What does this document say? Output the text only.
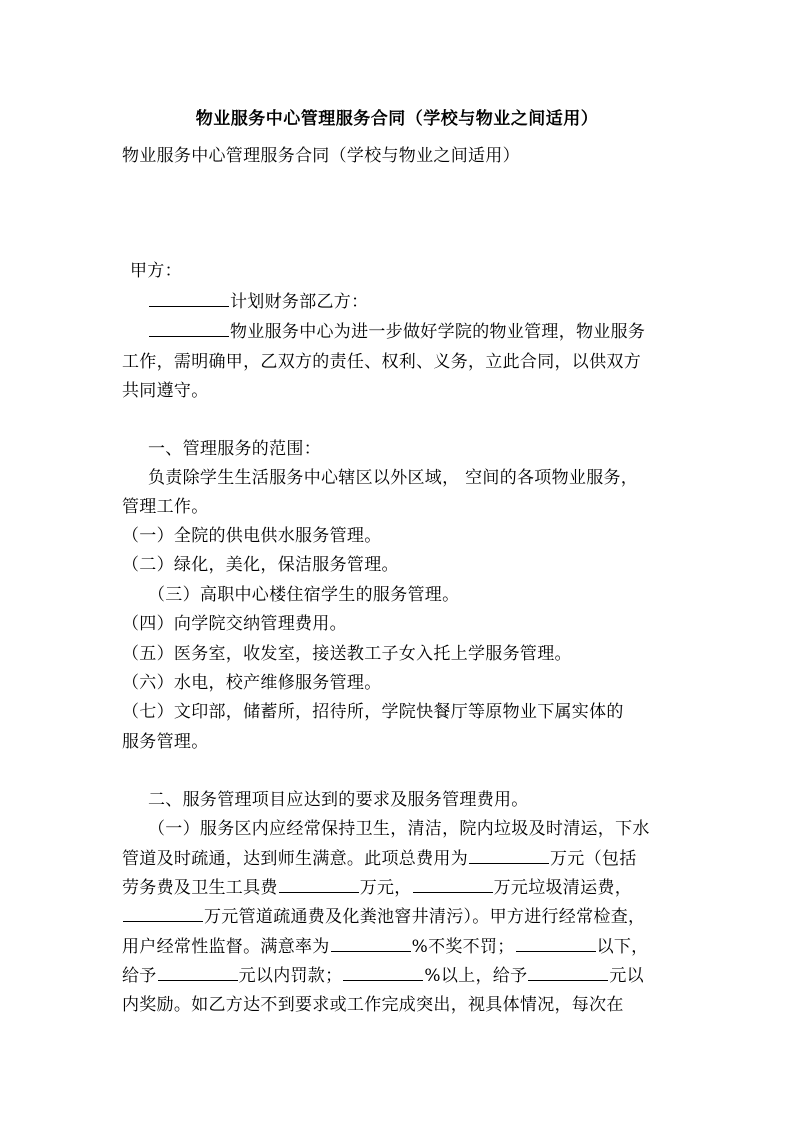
物业服务中心管理服务合同（学校与物业之间适用）
物业服务中心管理服务合同（学校与物业之间适用）
甲方：
计划财务部乙方：
物业服务中心为进一步做好学院的物业管理，物业服务
工作，需明确甲，乙双方的责任、权利、义务，立此合同，以供双方
共同遵守。
一、管理服务的范围：
负责除学生生活服务中心辖区以外区域， 空间的各项物业服务，
管理工作。
（一）全院的供电供水服务管理。
（二）绿化，美化，保洁服务管理。
（三）高职中心楼住宿学生的服务管理。
（四）向学院交纳管理费用。
（五）医务室，收发室，接送教工子女入托上学服务管理。
（六）水电，校产维修服务管理。
（七）文印部，储蓄所，招待所，学院快餐厅等原物业下属实体的
服务管理。
二、服务管理项目应达到的要求及服务管理费用。
（一）服务区内应经常保持卫生，清洁，院内垃圾及时清运，下水
管道及时疏通，达到师生满意。此项总费用为	万元（包括
劳务费及卫生工具费	万元，	万元垃圾清运费，
万元管道疏通费及化粪池窨井清污）。甲方进行经常检查，
用户经常性监督。满意率为	%不奖不罚；	以下，
给予	元以内罚款；	%以上，给予	元以
内奖励。如乙方达不到要求或工作完成突出，视具体情况，每次在
